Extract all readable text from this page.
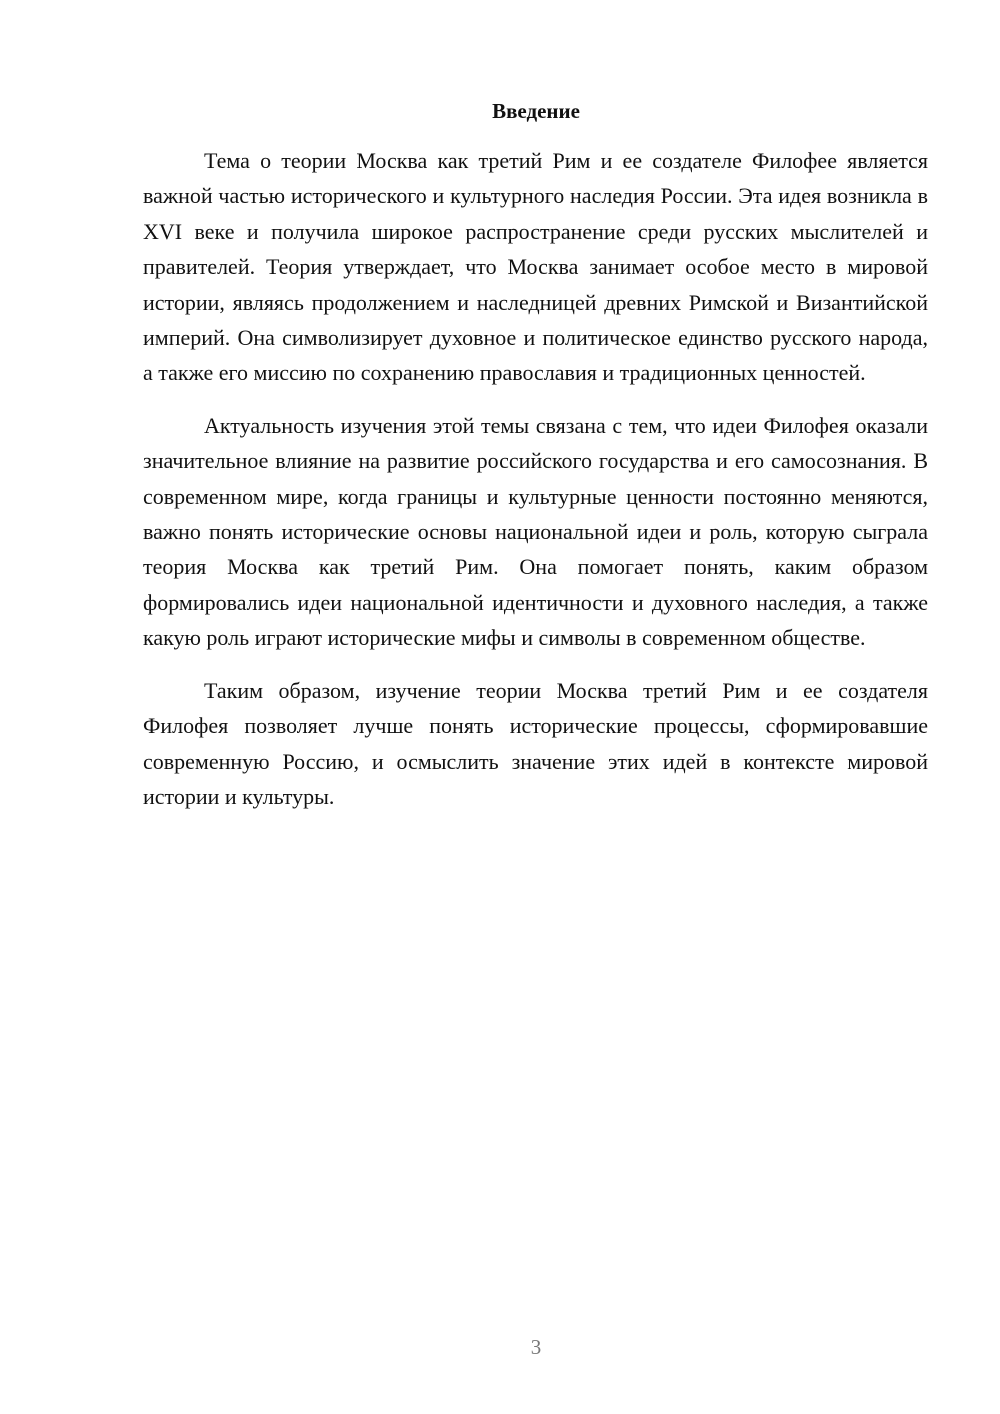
Введение

Тема о теории Москва как третий Рим и ее создателе Филофее является важной частью исторического и культурного наследия России. Эта идея возникла в XVI веке и получила широкое распространение среди русских мыслителей и правителей. Теория утверждает, что Москва занимает особое место в мировой истории, являясь продолжением и наследницей древних Римской и Византийской империй. Она символизирует духовное и политическое единство русского народа, а также его миссию по сохранению православия и традиционных ценностей.

Актуальность изучения этой темы связана с тем, что идеи Филофея оказали значительное влияние на развитие российского государства и его самосознания. В современном мире, когда границы и культурные ценности постоянно меняются, важно понять исторические основы национальной идеи и роль, которую сыграла теория Москва как третий Рим. Она помогает понять, каким образом формировались идеи национальной идентичности и духовного наследия, а также какую роль играют исторические мифы и символы в современном обществе.

Таким образом, изучение теории Москва третий Рим и ее создателя Филофея позволяет лучше понять исторические процессы, сформировавшие современную Россию, и осмыслить значение этих идей в контексте мировой истории и культуры.

3
